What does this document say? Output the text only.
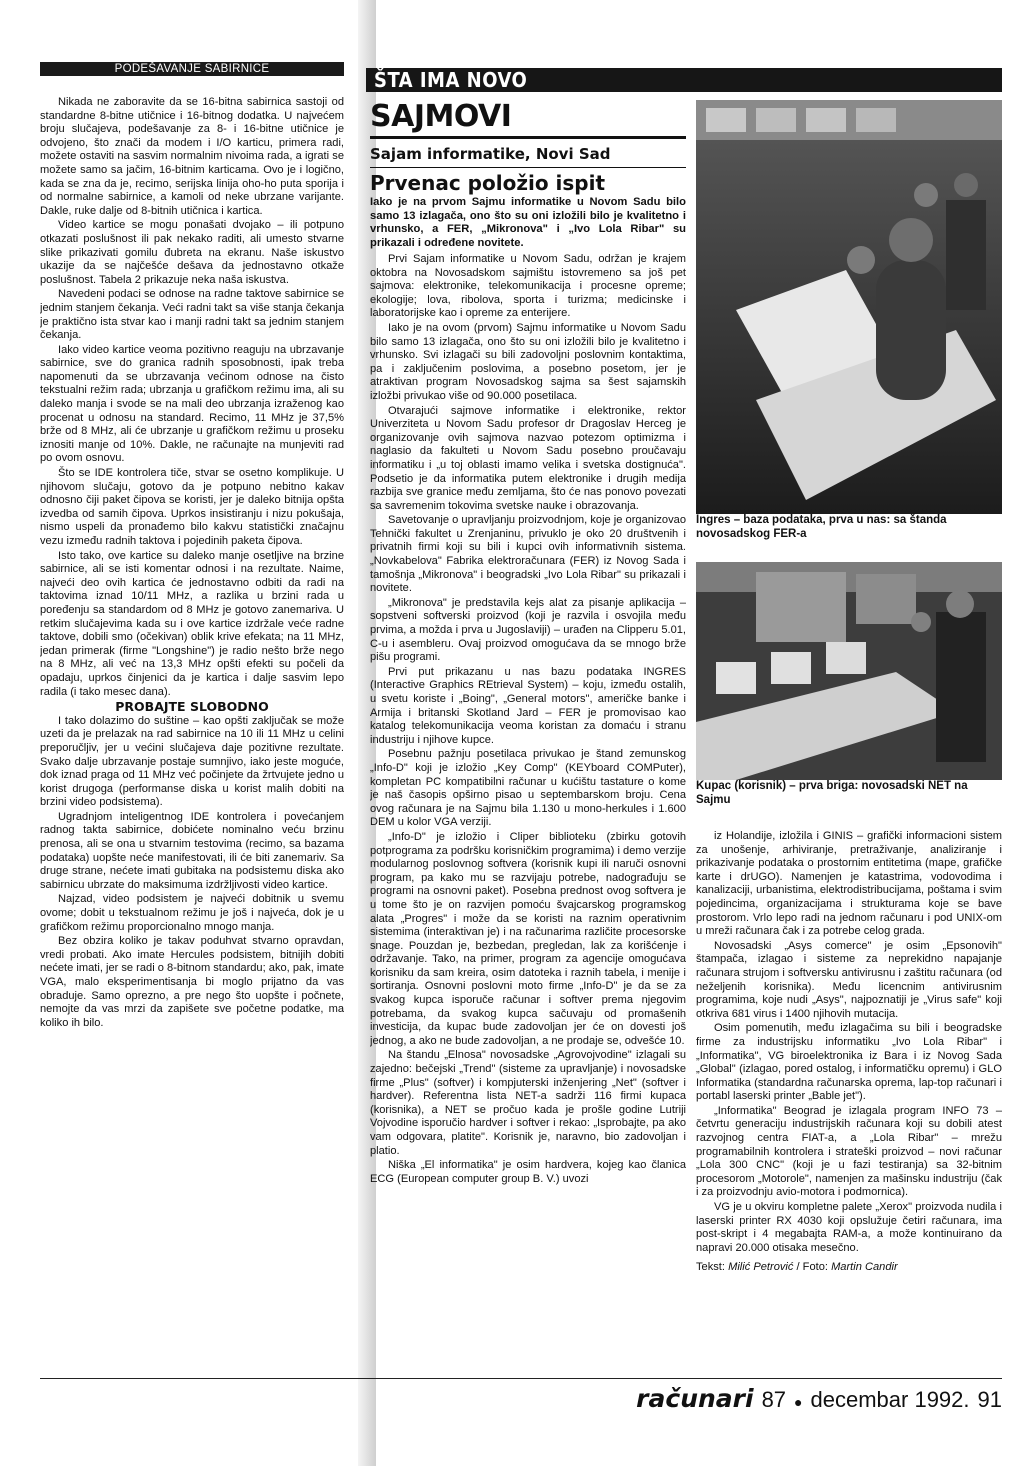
PODEŠAVANJE SABIRNICE

Nikada ne zaboravite da se 16-bitna sabirnica sastoji od standardne 8-bitne utičnice i 16-bitnog dodatka. U najvećem broju slučajeva, podešavanje za 8- i 16-bitne utičnice je odvojeno, što znači da modem i I/O karticu, primera radi, možete ostaviti na sasvim normalnim nivoima rada, a igrati se možete samo sa jačim, 16-bitnim karticama. Ovo je i logično, kada se zna da je, recimo, serijska linija oho-ho puta sporija i od normalne sabirnice, a kamoli od neke ubrzane varijante. Dakle, ruke dalje od 8-bitnih utičnica i kartica.

Video kartice se mogu ponašati dvojako – ili potpuno otkazati poslušnost ili pak nekako raditi, ali umesto stvarne slike prikazivati gomilu đubreta na ekranu. Naše iskustvo ukazije da se najčešće dešava da jednostavno otkaže poslušnost. Tabela 2 prikazuje neka naša iskustva.

Navedeni podaci se odnose na radne taktove sabirnice se jednim stanjem čekanja. Veći radni takt sa više stanja čekanja je praktično ista stvar kao i manji radni takt sa jednim stanjem čekanja.

Iako video kartice veoma pozitivno reaguju na ubrzavanje sabirnice, sve do granica radnih sposobnosti, ipak treba napomenuti da se ubrzavanja većinom odnose na čisto tekstualni režim rada; ubrzanja u grafičkom režimu ima, ali su daleko manja i svode se na mali deo ubrzanja izraženog kao procenat u odnosu na standard. Recimo, 11 MHz je 37,5% brže od 8 MHz, ali će ubrzanje u grafičkom režimu u proseku iznositi manje od 10%. Dakle, ne računajte na munjeviti rad po ovom osnovu.

Što se IDE kontrolera tiče, stvar se osetno komplikuje. U njihovom slučaju, gotovo da je potpuno nebitno kakav odnosno čiji paket čipova se koristi, jer je daleko bitnija opšta izvedba od samih čipova. Uprkos insistiranju i nizu pokušaja, nismo uspeli da pronađemo bilo kakvu statistički značajnu vezu između radnih taktova i pojedinih paketa čipova.

Isto tako, ove kartice su daleko manje osetljive na brzine sabirnice, ali se isti komentar odnosi i na rezultate. Naime, najveći deo ovih kartica će jednostavno odbiti da radi na taktovima iznad 10/11 MHz, a razlika u brzini rada u poređenju sa standardom od 8 MHz je gotovo zanemariva. U retkim slučajevima kada su i ove kartice izdržale veće radne taktove, dobili smo (očekivan) oblik krive efekata; na 11 MHz, jedan primerak (firme "Longshine") je radio nešto brže nego na 8 MHz, ali već na 13,3 MHz opšti efekti su počeli da opadaju, uprkos činjenici da je kartica i dalje sasvim lepo radila (i tako mesec dana).

PROBAJTE SLOBODNO

I tako dolazimo do suštine – kao opšti zaključak se može uzeti da je prelazak na rad sabirnice na 10 ili 11 MHz u celini preporučljiv, jer u većini slučajeva daje pozitivne rezultate. Svako dalje ubrzavanje postaje sumnjivo, iako jeste moguće, dok iznad praga od 11 MHz već počinjete da žrtvujete jedno u korist drugoga (performanse diska u korist malih dobiti na brzini video podsistema).

Ugradnjom inteligentnog IDE kontrolera i povećanjem radnog takta sabirnice, dobićete nominalno veću brzinu prenosa, ali se ona u stvarnim testovima (recimo, sa bazama podataka) uopšte neće manifestovati, ili će biti zanemariv. Sa druge strane, nećete imati gubitaka na podsistemu diska ako sabirnicu ubrzate do maksimuma izdržljivosti video kartice.

Najzad, video podsistem je najveći dobitnik u svemu ovome; dobit u tekstualnom režimu je još i najveća, dok je u grafičkom režimu proporcionalno mnogo manja.

Bez obzira koliko je takav poduhvat stvarno opravdan, vredi probati. Ako imate Hercules podsistem, bitnijih dobiti nećete imati, jer se radi o 8-bitnom standardu; ako, pak, imate VGA, malo eksperimentisanja bi moglo prijatno da vas obraduje. Samo oprezno, a pre nego što uopšte i počnete, nemojte da vas mrzi da zapišete sve početne podatke, ma koliko ih bilo.

ŠTA IMA NOVO
SAJMOVI
Sajam informatike, Novi Sad
Prvenac položio ispit
Iako je na prvom Sajmu informatike u Novom Sadu bilo samo 13 izlagača, ono što su oni izložili bilo je kvalitetno i vrhunsko, a FER, „Mikronova" i „Ivo Lola Ribar" su prikazali i određene novitete.

Prvi Sajam informatike u Novom Sadu, održan je krajem oktobra na Novosadskom sajmištu istovremeno sa još pet sajmova: elektronike, telekomunikacija i procesne opreme; ekologije; lova, ribolova, sporta i turizma; medicinske i laboratorijske kao i opreme za enterijere.

Iako je na ovom (prvom) Sajmu informatike u Novom Sadu bilo samo 13 izlagača, ono što su oni izložili bilo je kvalitetno i vrhunsko. Svi izlagači su bili zadovoljni poslovnim kontaktima, pa i zaključenim poslovima, a posebno posetom, jer je atraktivan program Novosadskog sajma sa šest sajamskih izložbi privukao više od 90.000 posetilaca.

Otvarajući sajmove informatike i elektronike, rektor Univerziteta u Novom Sadu profesor dr Dragoslav Herceg je organizovanje ovih sajmova nazvao potezom optimizma i naglasio da fakulteti u Novom Sadu posebno proučavaju informatiku i „u toj oblasti imamo velika i svetska dostignuća". Podsetio je da informatika putem elektronike i drugih medija razbija sve granice među zemljama, što će nas ponovo povezati sa savremenim tokovima svetske nauke i obrazovanja.

Savetovanje o upravljanju proizvodnjom, koje je organizovao Tehnički fakultet u Zrenjaninu, privuklo je oko 20 društvenih i privatnih firmi koji su bili i kupci ovih informativnih sistema. „Novkabelova" Fabrika elektroračunara (FER) iz Novog Sada i tamošnja „Mikronova" i beogradski „Ivo Lola Ribar" su prikazali i novitete.

„Mikronova" je predstavila kejs alat za pisanje aplikacija – sopstveni softverski proizvod (koji je razvila i osvojila među prvima, a možda i prva u Jugoslaviji) – urađen na Clipperu 5.01, C-u i asembleru. Ovaj proizvod omogućava da se mnogo brže pišu programi.

Prvi put prikazanu u nas bazu podataka INGRES (Interactive Graphics REtrieval System) – koju, između ostalih, u svetu koriste i „Boing", „General motors", američke banke i Armija i britanski Skotland Jard – FER je promovisao kao katalog telekomunikacija veoma koristan za domaću i stranu industriju i njihove kupce.

Posebnu pažnju posetilaca privukao je štand zemunskog „Info-D" koji je izložio „Key Comp" (KEYboard COMPuter), kompletan PC kompatibilni računar u kućištu tastature o kome je naš časopis opširno pisao u septembarskom broju. Cena ovog računara je na Sajmu bila 1.130 u mono-herkules i 1.600 DEM u kolor VGA verziji.

„Info-D" je izložio i Cliper biblioteku (zbirku gotovih potprograma za podršku korisničkim programima) i demo verzije modularnog poslovnog softvera (korisnik kupi ili naruči osnovni program, pa kako mu se razvijaju potrebe, nadograđuju se programi na osnovni paket). Posebna prednost ovog softvera je u tome što je on razvijen pomoću švajcarskog programskog alata „Progres" i može da se koristi na raznim operativnim sistemima (interaktivan je) i na računarima različite procesorske snage. Pouzdan je, bezbedan, pregledan, lak za korišćenje i održavanje. Tako, na primer, program za agencije omogućava korisniku da sam kreira, osim datoteka i raznih tabela, i menije i sortiranja. Osnovni poslovni moto firme „Info-D" je da se za svakog kupca isporuče računar i softver prema njegovim potrebama, da svakog kupca sačuvaju od promašenih investicija, da kupac bude zadovoljan jer će on dovesti još jednog, a ako ne bude zadovoljan, a ne prodaje se, odvešće 10.

Na štandu „Elnosa" novosadske „Agrovojvodine" izlagali su zajedno: bečejski „Trend" (sisteme za upravljanje) i novosadske firme „Plus" (softver) i kompjuterski inženjering „Net" (softver i hardver). Referentna lista NET-a sadrži 116 firmi kupaca (korisnika), a NET se pročuo kada je prošle godine Lutriji Vojvodine isporučio hardver i softver i rekao: „Isprobajte, pa ako vam odgovara, platite". Korisnik je, naravno, bio zadovoljan i platio.

Niška „El informatika" je osim hardvera, kojeg kao članica ECG (European computer group B. V.) uvozi

Ingres – baza podataka, prva u nas: sa štanda novosadskog FER-a
Kupac (korisnik) – prva briga: novosadski NET na Sajmu

iz Holandije, izložila i GINIS – grafički informacioni sistem za unošenje, arhiviranje, pretraživanje, analiziranje i prikazivanje podataka o prostornim entitetima (mape, grafičke karte i drUGO). Namenjen je katastrima, vodovodima i kanalizaciji, urbanistima, elektrodistribucijama, poštama i svim pojedincima, organizacijama i strukturama koje se bave prostorom. Vrlo lepo radi na jednom računaru i pod UNIX-om u mreži računara čak i za potrebe celog grada.

Novosadski „Asys comerce" je osim „Epsonovih" štampača, izlagao i sisteme za neprekidno napajanje računara strujom i softversku antivirusnu i zaštitu računara (od neželjenih korisnika). Među licencnim antivirusnim programima, koje nudi „Asys", najpoznatiji je „Virus safe" koji otkriva 681 virus i 1400 njihovih mutacija.

Osim pomenutih, među izlagačima su bili i beogradske firme za industrijsku informatiku „Ivo Lola Ribar" i „Informatika", VG biroelektronika iz Bara i iz Novog Sada „Global" (izlagao, pored ostalog, i informatičku opremu) i GLO Informatika (standardna računarska oprema, lap-top računari i portabl laserski printer „Bable jet").

„Informatika" Beograd je izlagala program INFO 73 – četvrtu generaciju industrijskih računara koji su dobili atest razvojnog centra FIAT-a, a „Lola Ribar" – mrežu programabilnih kontrolera i strateški proizvod – novi računar „Lola 300 CNC" (koji je u fazi testiranja) sa 32-bitnim procesorom „Motorole", namenjen za mašinsku industriju (čak i za proizvodnju avio-motora i podmornica).

VG je u okviru kompletne palete „Xerox" proizvoda nudila i laserski printer RX 4030 koji opslužuje četiri računara, ima post-skript i 4 megabajta RAM-a, a može kontinuirano da napravi 20.000 otisaka mesečno.

Tekst: Milić Petrović / Foto: Martin Candir

računari 87 ● decembar 1992. 91
